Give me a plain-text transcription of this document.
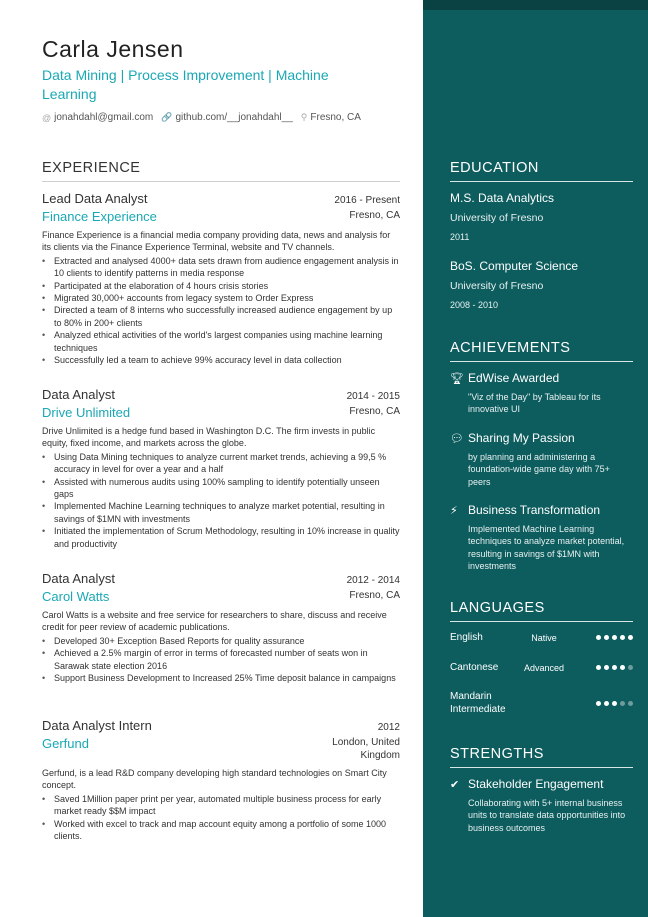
Carla Jensen
Data Mining | Process Improvement | Machine Learning
@ jonahdahl@gmail.com 🔗 github.com/__jonahdahl__ ⚲ Fresno, CA
EXPERIENCE
Lead Data Analyst	2016 - Present
Finance Experience	Fresno, CA
Finance Experience is a financial media company providing data, news and analysis for its clients via the Finance Experience Terminal, website and TV channels.
• Extracted and analysed 4000+ data sets drawn from audience engagement analysis in 10 clients to identify patterns in media response
• Participated at the elaboration of 4 hours crisis stories
• Migrated 30,000+ accounts from legacy system to Order Express
• Directed a team of 8 interns who successfully increased audience engagement by up to 80% in 200+ clients
• Analyzed ethical activities of the world's largest companies using machine learning techniques
• Successfully led a team to achieve 99% accuracy level in data collection
Data Analyst	2014 - 2015
Drive Unlimited	Fresno, CA
Drive Unlimited is a hedge fund based in Washington D.C. The firm invests in public equity, fixed income, and markets across the globe.
• Using Data Mining techniques to analyze current market trends, achieving a 99,5 % accuracy in level for over a year and a half
• Assisted with numerous audits using 100% sampling to identify potentially unseen gaps
• Implemented Machine Learning techniques to analyze market potential, resulting in savings of $1MN with investments
• Initiated the implementation of Scrum Methodology, resulting in 10% increase in quality and productivity
Data Analyst	2012 - 2014
Carol Watts	Fresno, CA
Carol Watts is a website and free service for researchers to share, discuss and receive credit for peer review of academic publications.
• Developed 30+ Exception Based Reports for quality assurance
• Achieved a 2.5% margin of error in terms of forecasted number of seats won in Sarawak state election 2016
• Support Business Development to Increased 25% Time deposit balance in campaigns
Data Analyst Intern	2012
Gerfund	London, United
Kingdom
Gerfund, is a lead R&D company developing high standard technologies on Smart City concept.
• Saved 1Million paper print per year, automated multiple business process for early market ready $$M impact
• Worked with excel to track and map account equity among a portfolio of some 1000 clients.
EDUCATION
M.S. Data Analytics
University of Fresno
2011
BoS. Computer Science
University of Fresno
2008 - 2010
ACHIEVEMENTS
🏆︎ EdWise Awarded
"Viz of the Day" by Tableau for its innovative UI
💬︎ Sharing My Passion
by planning and administering a foundation-wide game day with 75+ peers
⚡︎ Business Transformation
Implemented Machine Learning techniques to analyze market potential, resulting in savings of $1MN with investments
LANGUAGES
English	Native
Cantonese	Advanced
Mandarin
Intermediate
STRENGTHS
✔ Stakeholder Engagement
Collaborating with 5+ internal business units to translate data opportunities into business outcomes
